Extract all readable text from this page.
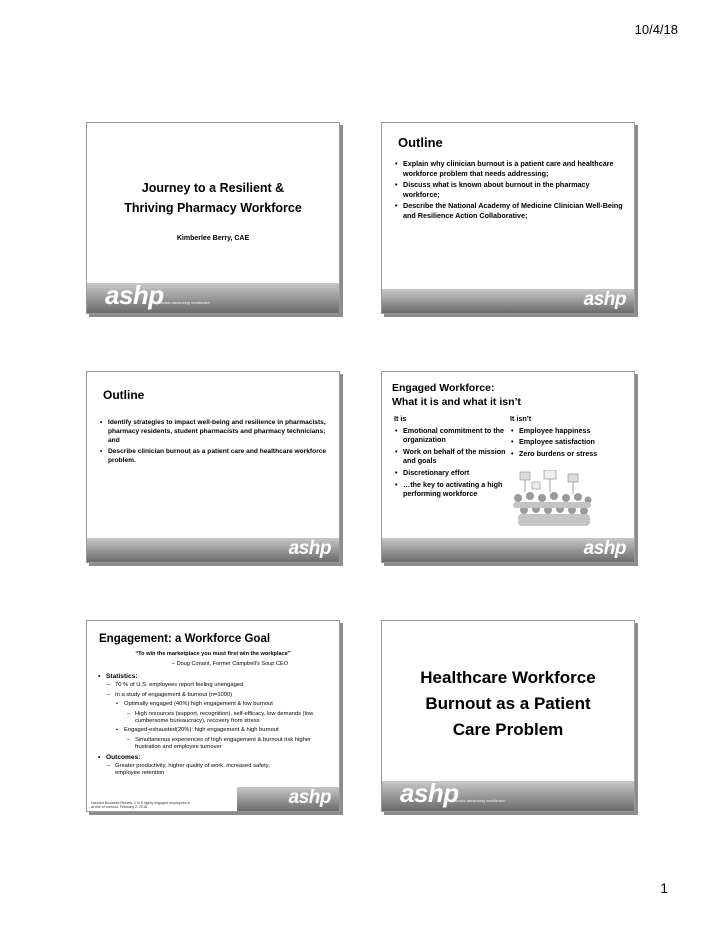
10/4/18
Journey to a Resilient &
Thriving Pharmacy Workforce
Kimberlee Berry, CAE
ashp
pharmacists advancing healthcare
Outline
• Explain why clinician burnout is a patient care and healthcare workforce problem that needs addressing;
• Discuss what is known about burnout in the pharmacy workforce;
• Describe the National Academy of Medicine Clinician Well-Being and Resilience Action Collaborative;
ashp
Outline
• Identify strategies to impact well-being and resilience in pharmacists, pharmacy residents, student pharmacists and pharmacy technicians; and
• Describe clinician burnout as a patient care and healthcare workforce problem.
ashp
Engaged Workforce:
What it is and what it isn’t
It is
• Emotional commitment to the organization
• Work on behalf of the mission and goals
• Discretionary effort
• …the key to activating a high performing workforce
It isn’t
• Employee happiness
• Employee satisfaction
• Zero burdens or stress
ashp
Engagement: a Workforce Goal
“To win the marketplace you must first win the workplace”
– Doug Conant, Former Campbell’s Soup CEO
• Statistics:
– 70 % of U.S. employees report feeling unengaged
– In a study of engagement & burnout (n=1000)
• Optimally engaged (40%):high engagement & low burnout
– High resources (support, recognition), self-efficacy, low demands (low cumbersome bureaucracy), recovery from stress
• Engaged-exhausted(20%): high engagement & high burnout
– Simultaneous experiences of high engagement & burnout risk higher frustration and employee turnover
• Outcomes:
– Greater productivity, higher quality of work, increased safety, employee retention
Harvard Business Review. 1 in 5 highly engaged employees is
at risk of burnout. February 2, 2018.	ashp
Healthcare Workforce
Burnout as a Patient
Care Problem
ashp
pharmacists advancing healthcare
1
